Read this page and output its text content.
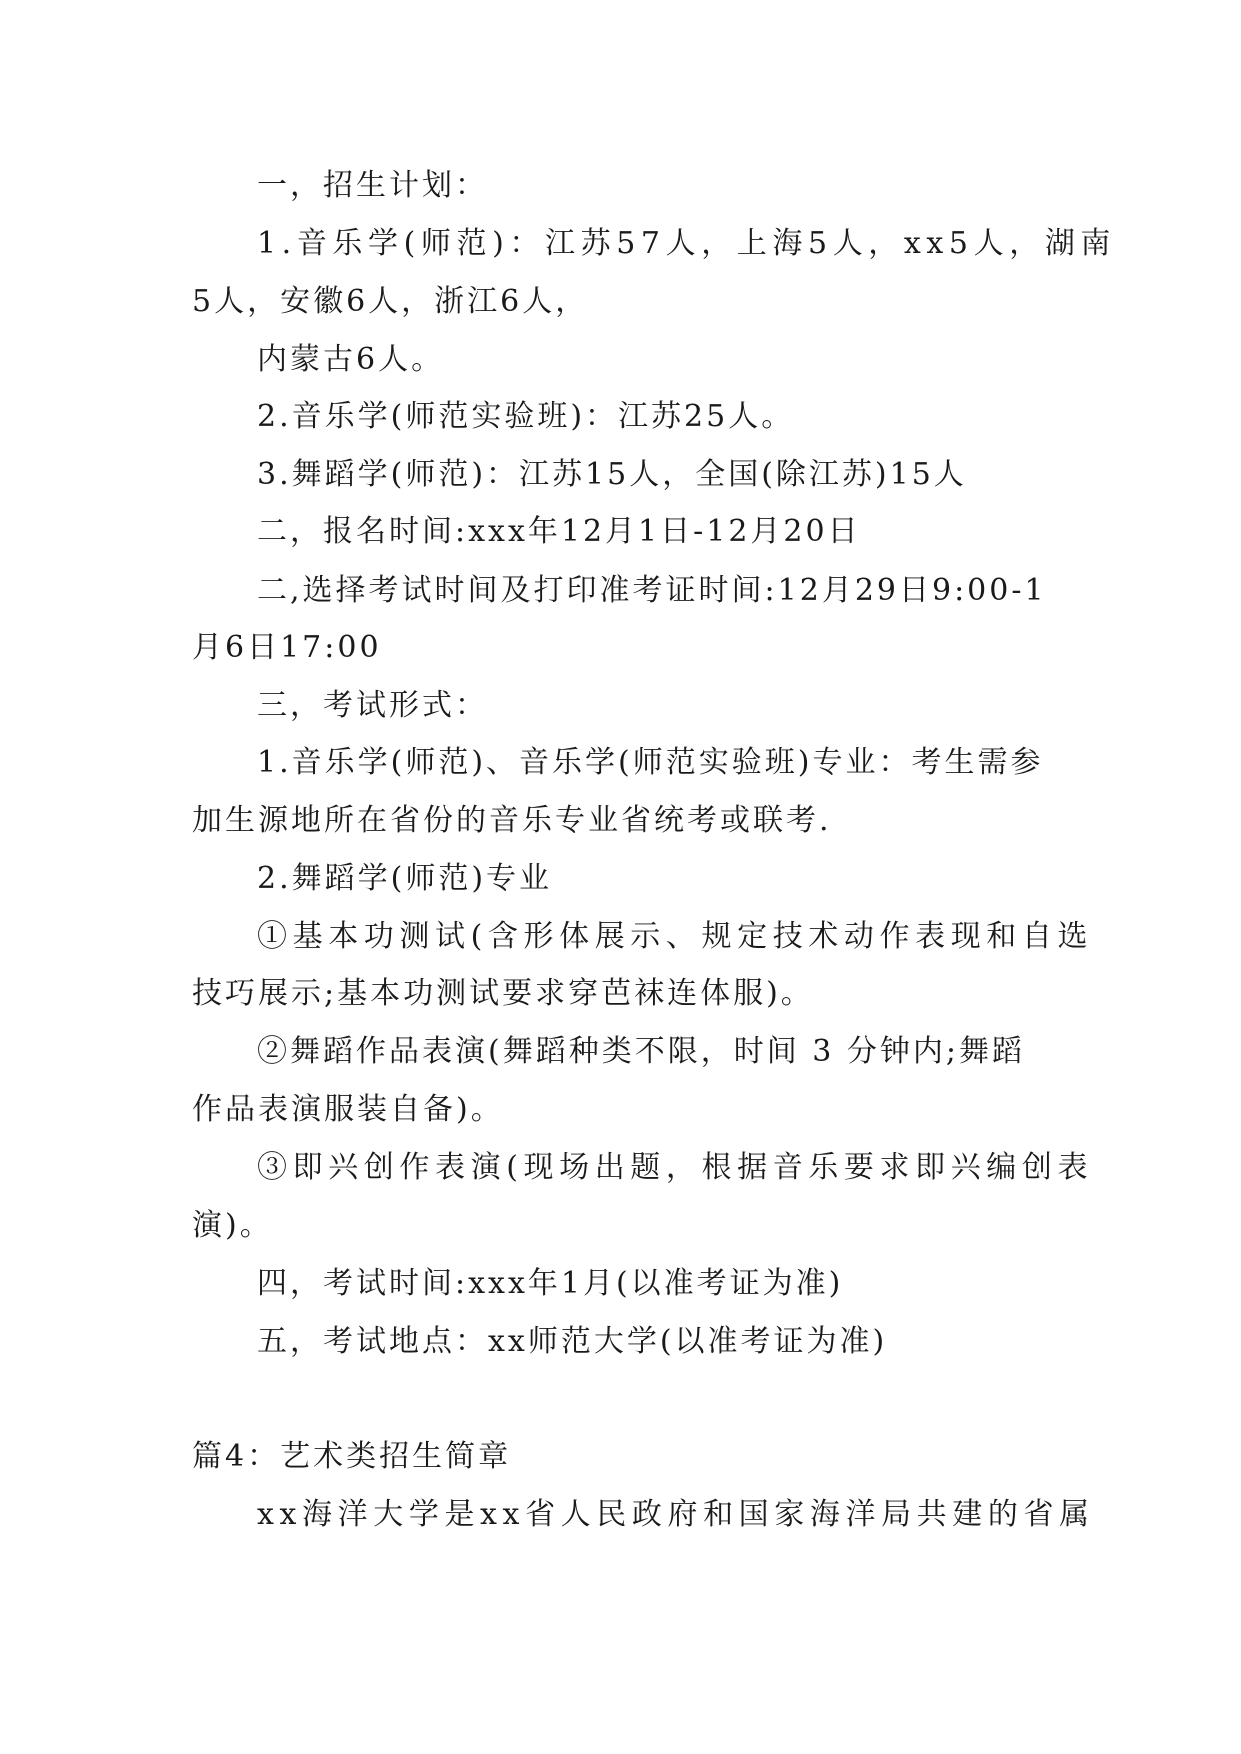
一，招生计划：
1.音乐学(师范)：江苏57人，上海5人，xx5人，湖南
5人，安徽6人，浙江6人，
内蒙古6人。
2.音乐学(师范实验班)：江苏25人。
3.舞蹈学(师范)：江苏15人，全国(除江苏)15人
二，报名时间:xxx年12月1日-12月20日
二,选择考试时间及打印准考证时间:12月29日9:00-1
月6日17:00
三，考试形式：
1.音乐学(师范)、音乐学(师范实验班)专业：考生需参
加生源地所在省份的音乐专业省统考或联考.
2.舞蹈学(师范)专业
①基本功测试(含形体展示、规定技术动作表现和自选
技巧展示;基本功测试要求穿芭袜连体服)。
②舞蹈作品表演(舞蹈种类不限，时间 3 分钟内;舞蹈
作品表演服装自备)。
③即兴创作表演(现场出题，根据音乐要求即兴编创表
演)。
四，考试时间:xxx年1月(以准考证为准)
五，考试地点：xx师范大学(以准考证为准)
篇4：艺术类招生简章
xx海洋大学是xx省人民政府和国家海洋局共建的省属
